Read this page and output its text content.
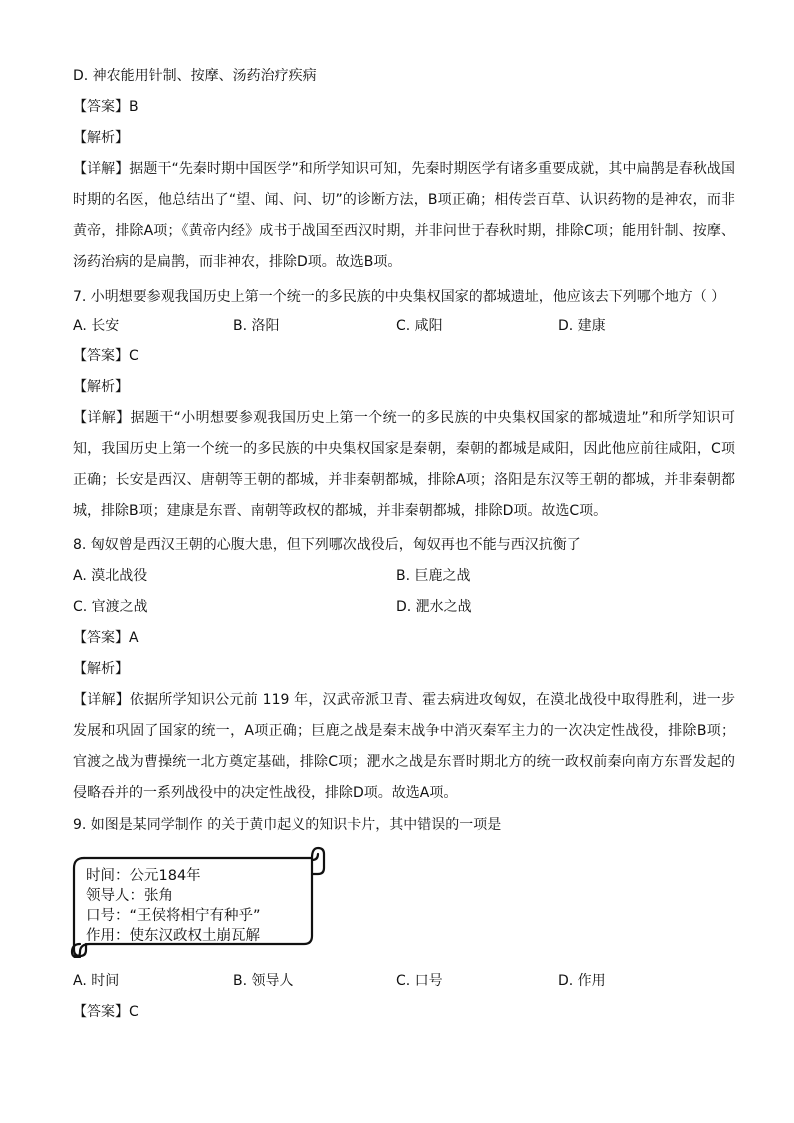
D. 神农能用针制、按摩、汤药治疗疾病
【答案】B
【解析】
【详解】据题干“先秦时期中国医学”和所学知识可知，先秦时期医学有诸多重要成就，其中扁鹊是春秋战国时期的名医，他总结出了“望、闻、问、切”的诊断方法，B项正确；相传尝百草、认识药物的是神农，而非黄帝，排除A项；《黄帝内经》成书于战国至西汉时期，并非问世于春秋时期，排除C项；能用针制、按摩、汤药治病的是扁鹊，而非神农，排除D项。故选B项。
7. 小明想要参观我国历史上第一个统一的多民族的中央集权国家的都城遗址，他应该去下列哪个地方（ ）
A. 长安	B. 洛阳	C. 咸阳	D. 建康
【答案】C
【解析】
【详解】据题干“小明想要参观我国历史上第一个统一的多民族的中央集权国家的都城遗址”和所学知识可知，我国历史上第一个统一的多民族的中央集权国家是秦朝，秦朝的都城是咸阳，因此他应前往咸阳，C项正确；长安是西汉、唐朝等王朝的都城，并非秦朝都城，排除A项；洛阳是东汉等王朝的都城，并非秦朝都城，排除B项；建康是东晋、南朝等政权的都城，并非秦朝都城，排除D项。故选C项。
8. 匈奴曾是西汉王朝的心腹大患，但下列哪次战役后，匈奴再也不能与西汉抗衡了
A. 漠北战役	B. 巨鹿之战
C. 官渡之战	D. 淝水之战
【答案】A
【解析】
【详解】依据所学知识公元前 119 年，汉武帝派卫青、霍去病进攻匈奴，在漠北战役中取得胜利，进一步发展和巩固了国家的统一，A项正确；巨鹿之战是秦末战争中消灭秦军主力的一次决定性战役，排除B项；官渡之战为曹操统一北方奠定基础，排除C项；淝水之战是东晋时期北方的统一政权前秦向南方东晋发起的侵略吞并的一系列战役中的决定性战役，排除D项。故选A项。
9. 如图是某同学制作 的关于黄巾起义的知识卡片，其中错误的一项是
时间：公元184年
领导人：张角
口号：“王侯将相宁有种乎”
作用：使东汉政权土崩瓦解
A. 时间	B. 领导人	C. 口号	D. 作用
【答案】C
